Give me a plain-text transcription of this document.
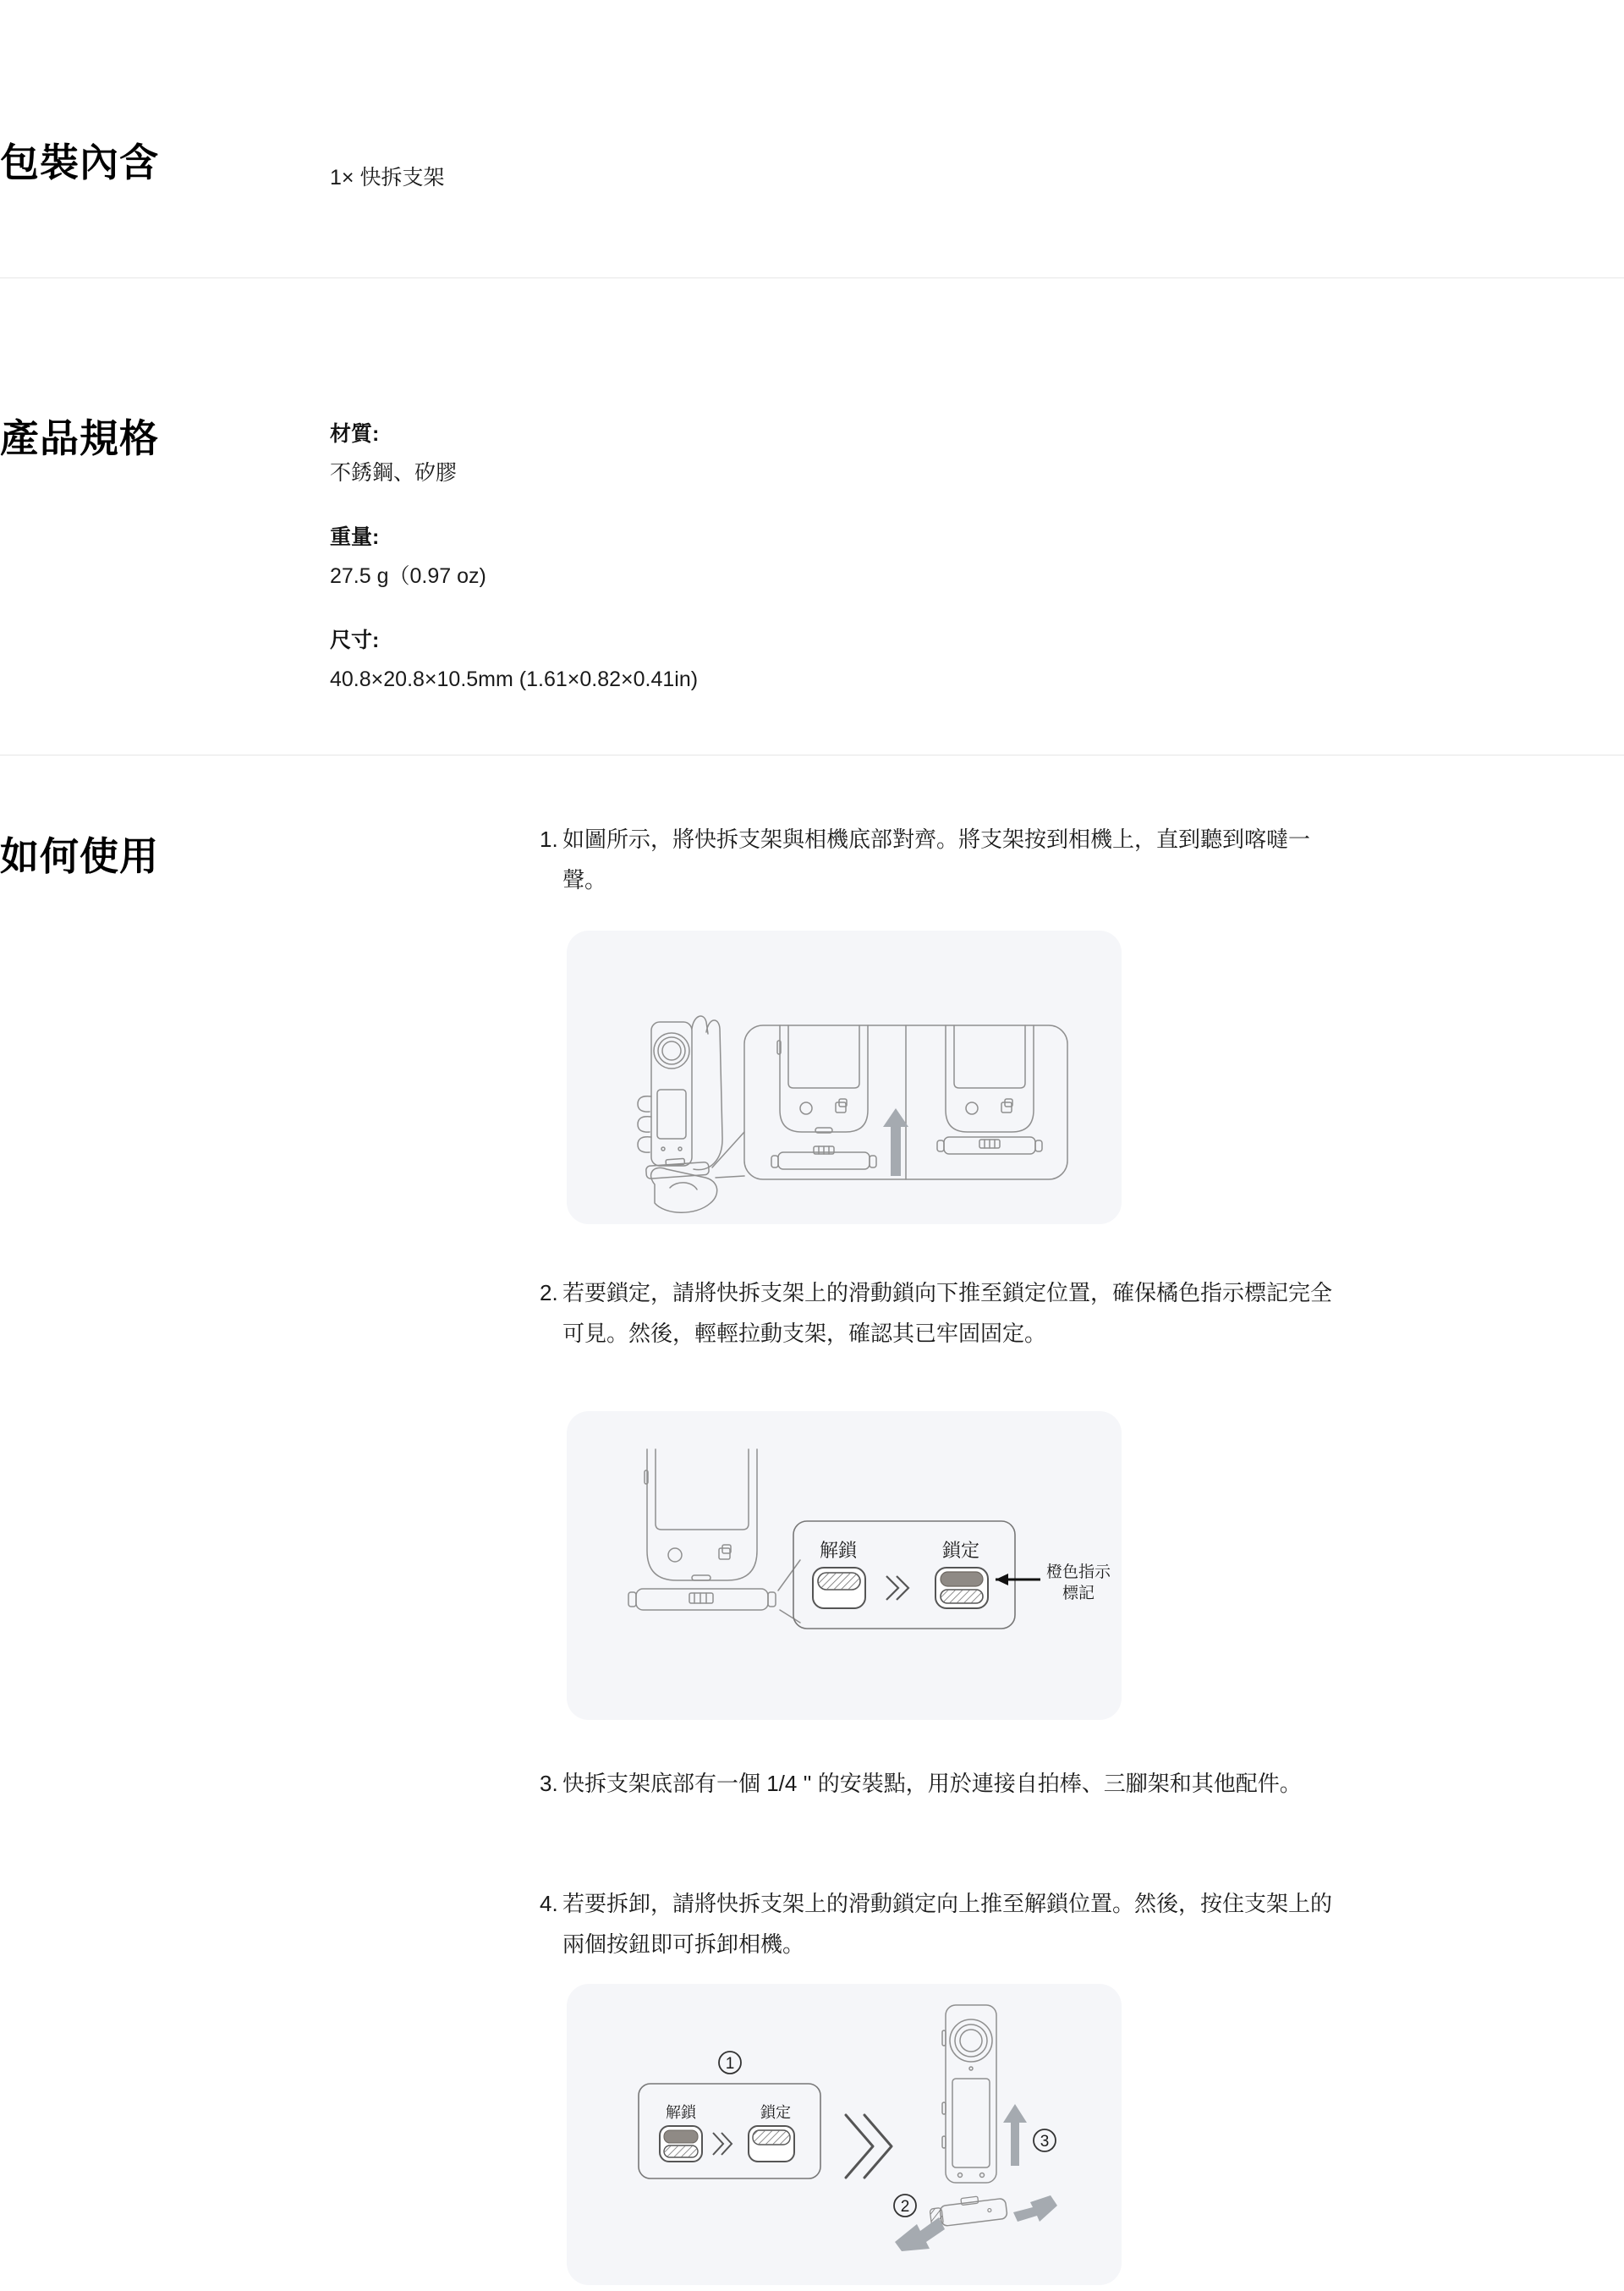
包裝內含	1× 快拆支架
產品規格	材質:
不銹鋼、矽膠
重量:
27.5 g（0.97 oz)
尺寸:
40.8×20.8×10.5mm (1.61×0.82×0.41in)
如何使用	1. 如圖所示，將快拆支架與相機底部對齊。將支架按到相機上，直到聽到喀噠一聲。
2. 若要鎖定，請將快拆支架上的滑動鎖向下推至鎖定位置，確保橘色指示標記完全可見。然後，輕輕拉動支架，確認其已牢固固定。
解鎖	鎖定
橙色指示
標記
3. 快拆支架底部有一個 1/4 '' 的安裝點，用於連接自拍棒、三腳架和其他配件。
4. 若要拆卸，請將快拆支架上的滑動鎖定向上推至解鎖位置。然後，按住支架上的兩個按鈕即可拆卸相機。
1
解鎖	鎖定
3
2
